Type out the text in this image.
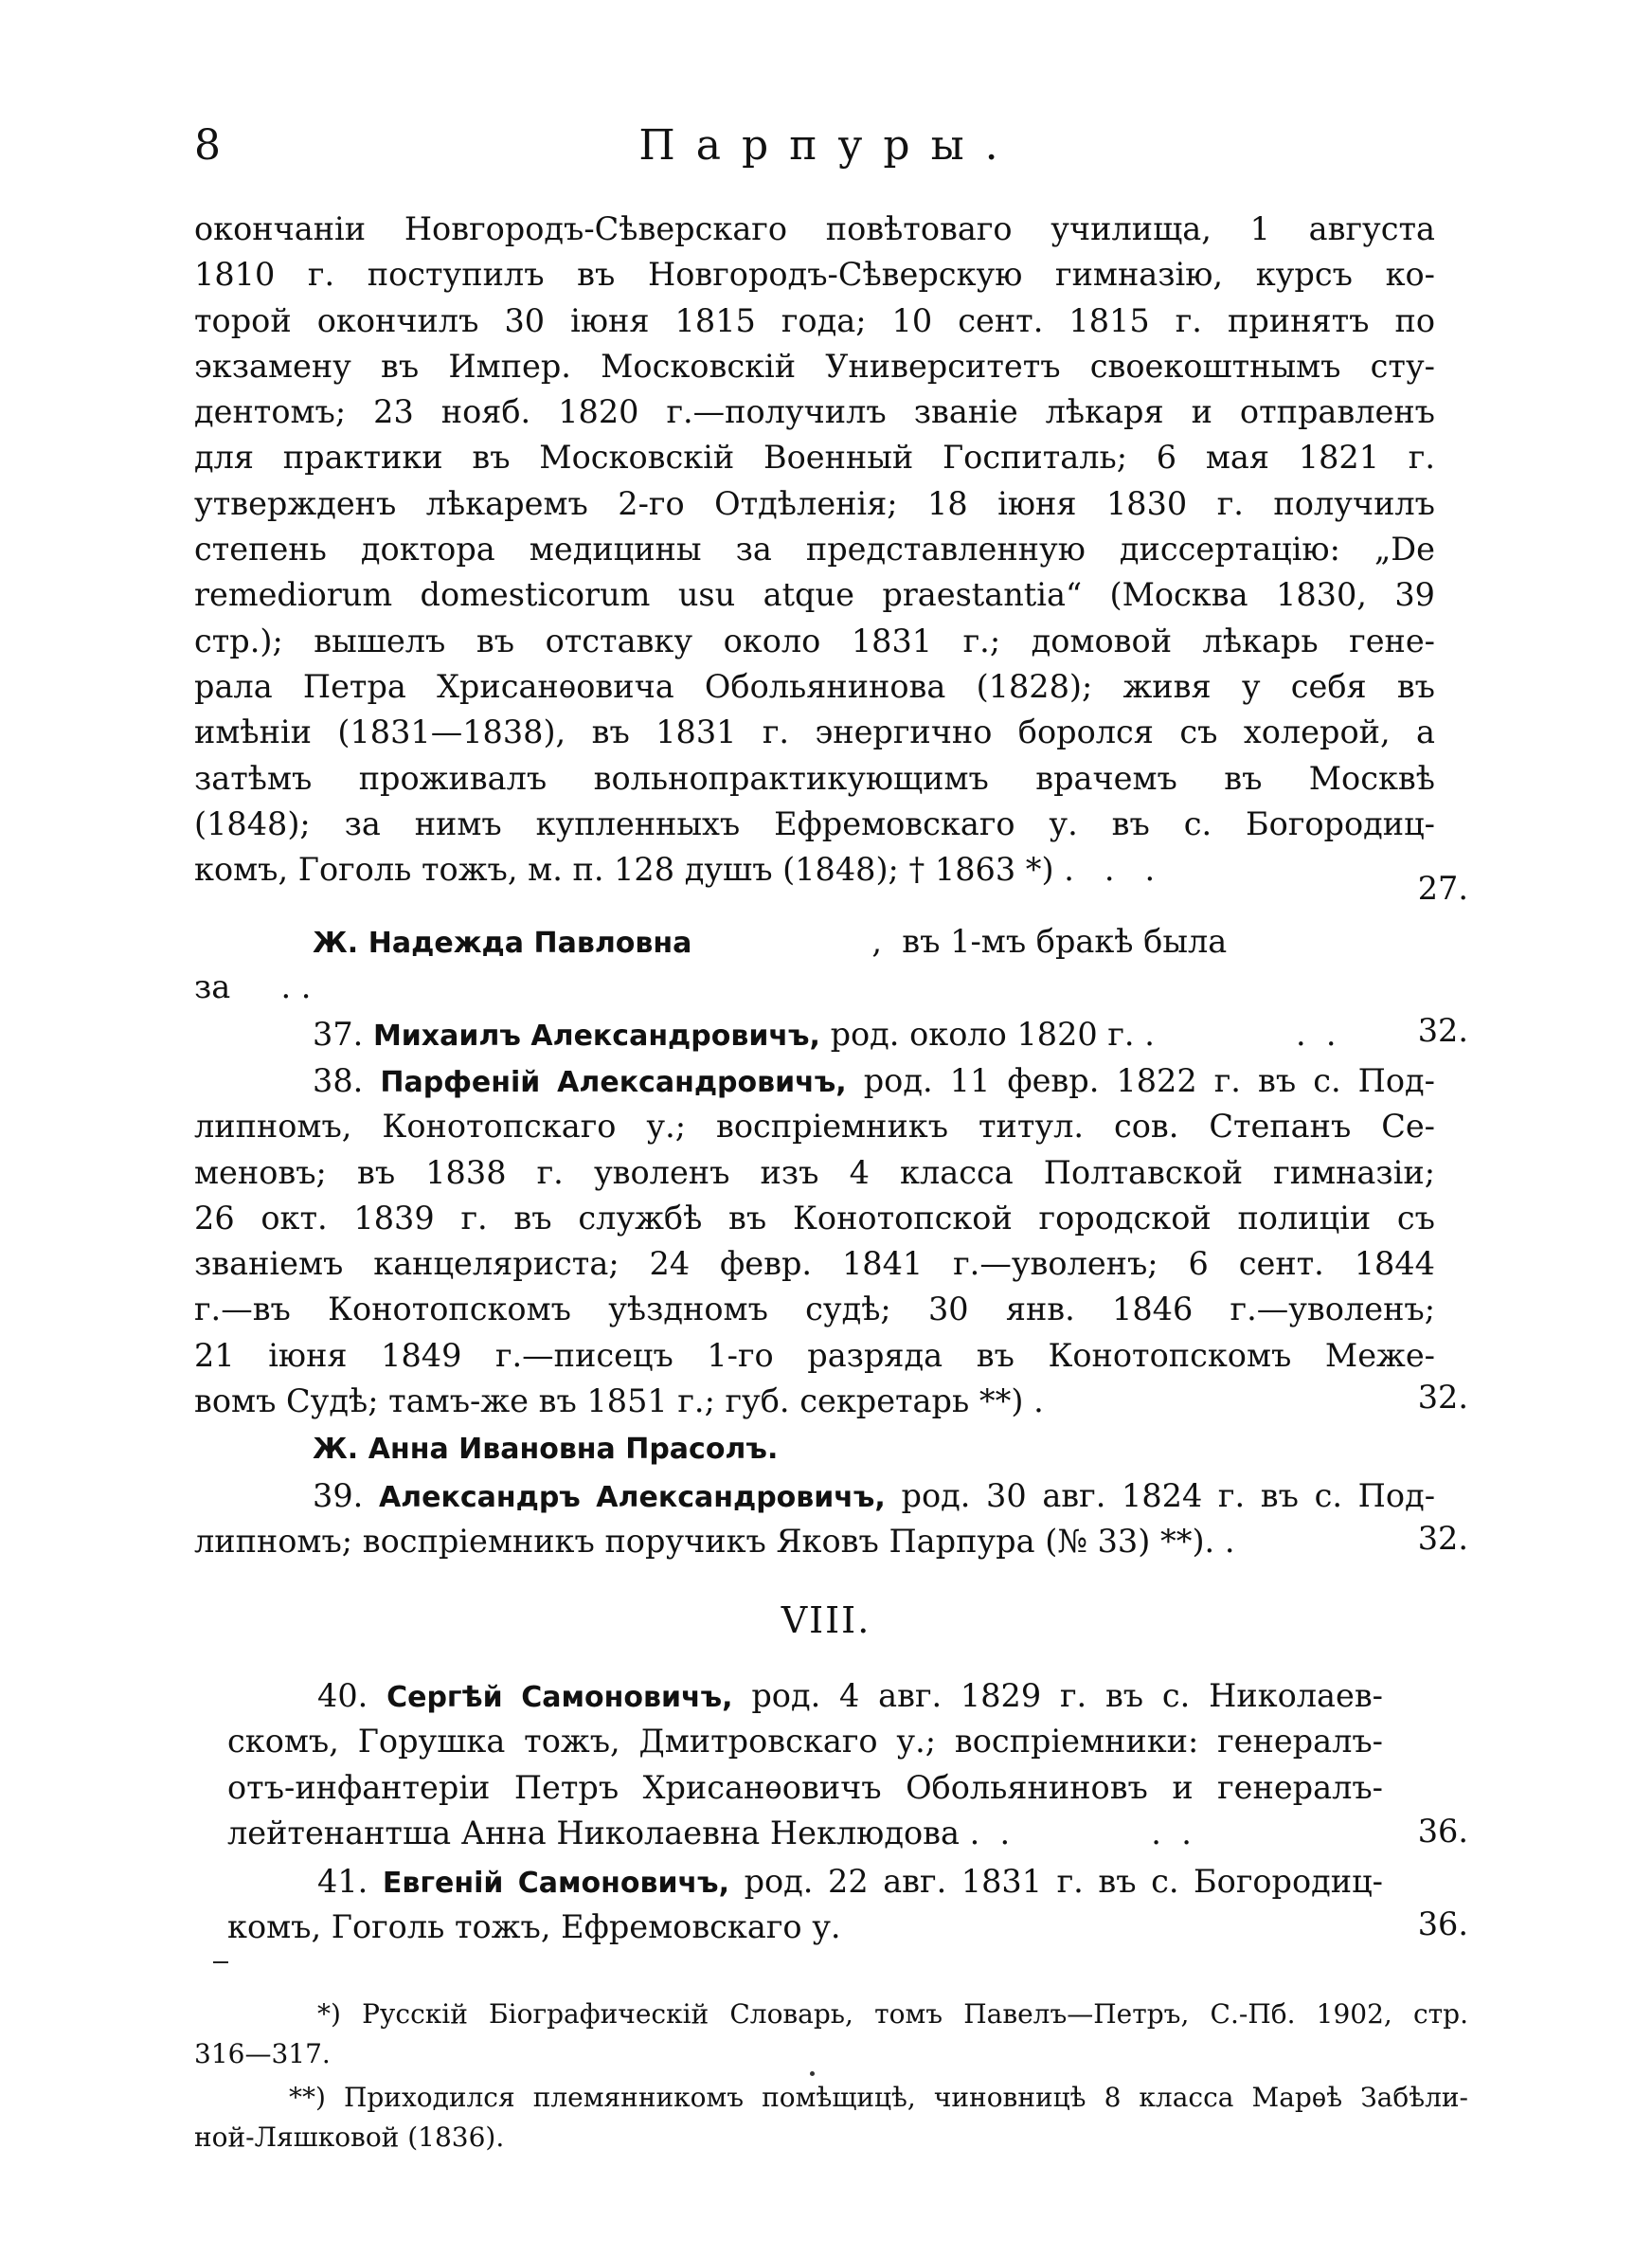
8	Парпуры.
окончаніи Новгородъ-Сѣверскаго повѣтоваго училища, 1 августа
1810 г. поступилъ въ Новгородъ-Сѣверскую гимназію, курсъ ко-
торой окончилъ 30 іюня 1815 года; 10 сент. 1815 г. принятъ по
экзамену въ Импер. Московскій Университетъ своекоштнымъ сту-
дентомъ; 23 нояб. 1820 г.—получилъ званіе лѣкаря и отправленъ
для практики въ Московскій Военный Госпиталь; 6 мая 1821 г.
утвержденъ лѣкаремъ 2-го Отдѣленія; 18 іюня 1830 г. получилъ
степень доктора медицины за представленную диссертацію: „De
remediorum domesticorum usu atque praestantia“ (Москва 1830, 39
стр.); вышелъ въ отставку около 1831 г.; домовой лѣкарь гене-
рала Петра Хрисанѳовича Обольянинова (1828); живя у себя въ
имѣніи (1831—1838), въ 1831 г. энергично боролся съ холерой, а
затѣмъ проживалъ вольнопрактикующимъ врачемъ въ Москвѣ
(1848); за нимъ купленныхъ Ефремовскаго у. въ с. Богородиц-
комъ, Гоголь тожъ, м. п. 128 душъ (1848); † 1863 *) .   .   .
27.
Ж. Надежда Павловна	,  въ 1-мъ бракѣ была
за     . .
37. Михаилъ Александровичъ, род. около 1820 г. .              .  .	32.
38. Парфеній Александровичъ, род. 11 февр. 1822 г. въ с. Под-
липномъ, Конотопскаго у.; воспріемникъ титул. сов. Степанъ Се-
меновъ; въ 1838 г. уволенъ изъ 4 класса Полтавской гимназіи;
26 окт. 1839 г. въ службѣ въ Конотопской городской полиціи съ
званіемъ канцеляриста; 24 февр. 1841 г.—уволенъ; 6 сент. 1844
г.—въ Конотопскомъ уѣздномъ судѣ; 30 янв. 1846 г.—уволенъ;
21 іюня 1849 г.—писецъ 1-го разряда въ Конотопскомъ Меже-
вомъ Судѣ; тамъ-же въ 1851 г.; губ. секретарь **) .	32.
Ж. Анна Ивановна Прасолъ.
39. Александръ Александровичъ, род. 30 авг. 1824 г. въ с. Под-
липномъ; воспріемникъ поручикъ Яковъ Парпура (№ 33) **). .	32.
VIII.
40. Сергѣй Самоновичъ, род. 4 авг. 1829 г. въ с. Николаев-
скомъ, Горушка тожъ, Дмитровскаго у.; воспріемники: генералъ-
отъ-инфантеріи Петръ Хрисанѳовичъ Обольяниновъ и генералъ-
лейтенантша Анна Николаевна Неклюдова .  .              .  .	36.
41. Евгеній Самоновичъ, род. 22 авг. 1831 г. въ с. Богородиц-
комъ, Гоголь тожъ, Ефремовскаго у.	36.
*) Русскій Біографическій Словарь, томъ Павелъ—Петръ, С.-Пб. 1902, стр.
316—317.
**) Приходился племянникомъ помѣщицѣ, чиновницѣ 8 класса Марѳѣ Забѣли-
ной-Ляшковой (1836).
